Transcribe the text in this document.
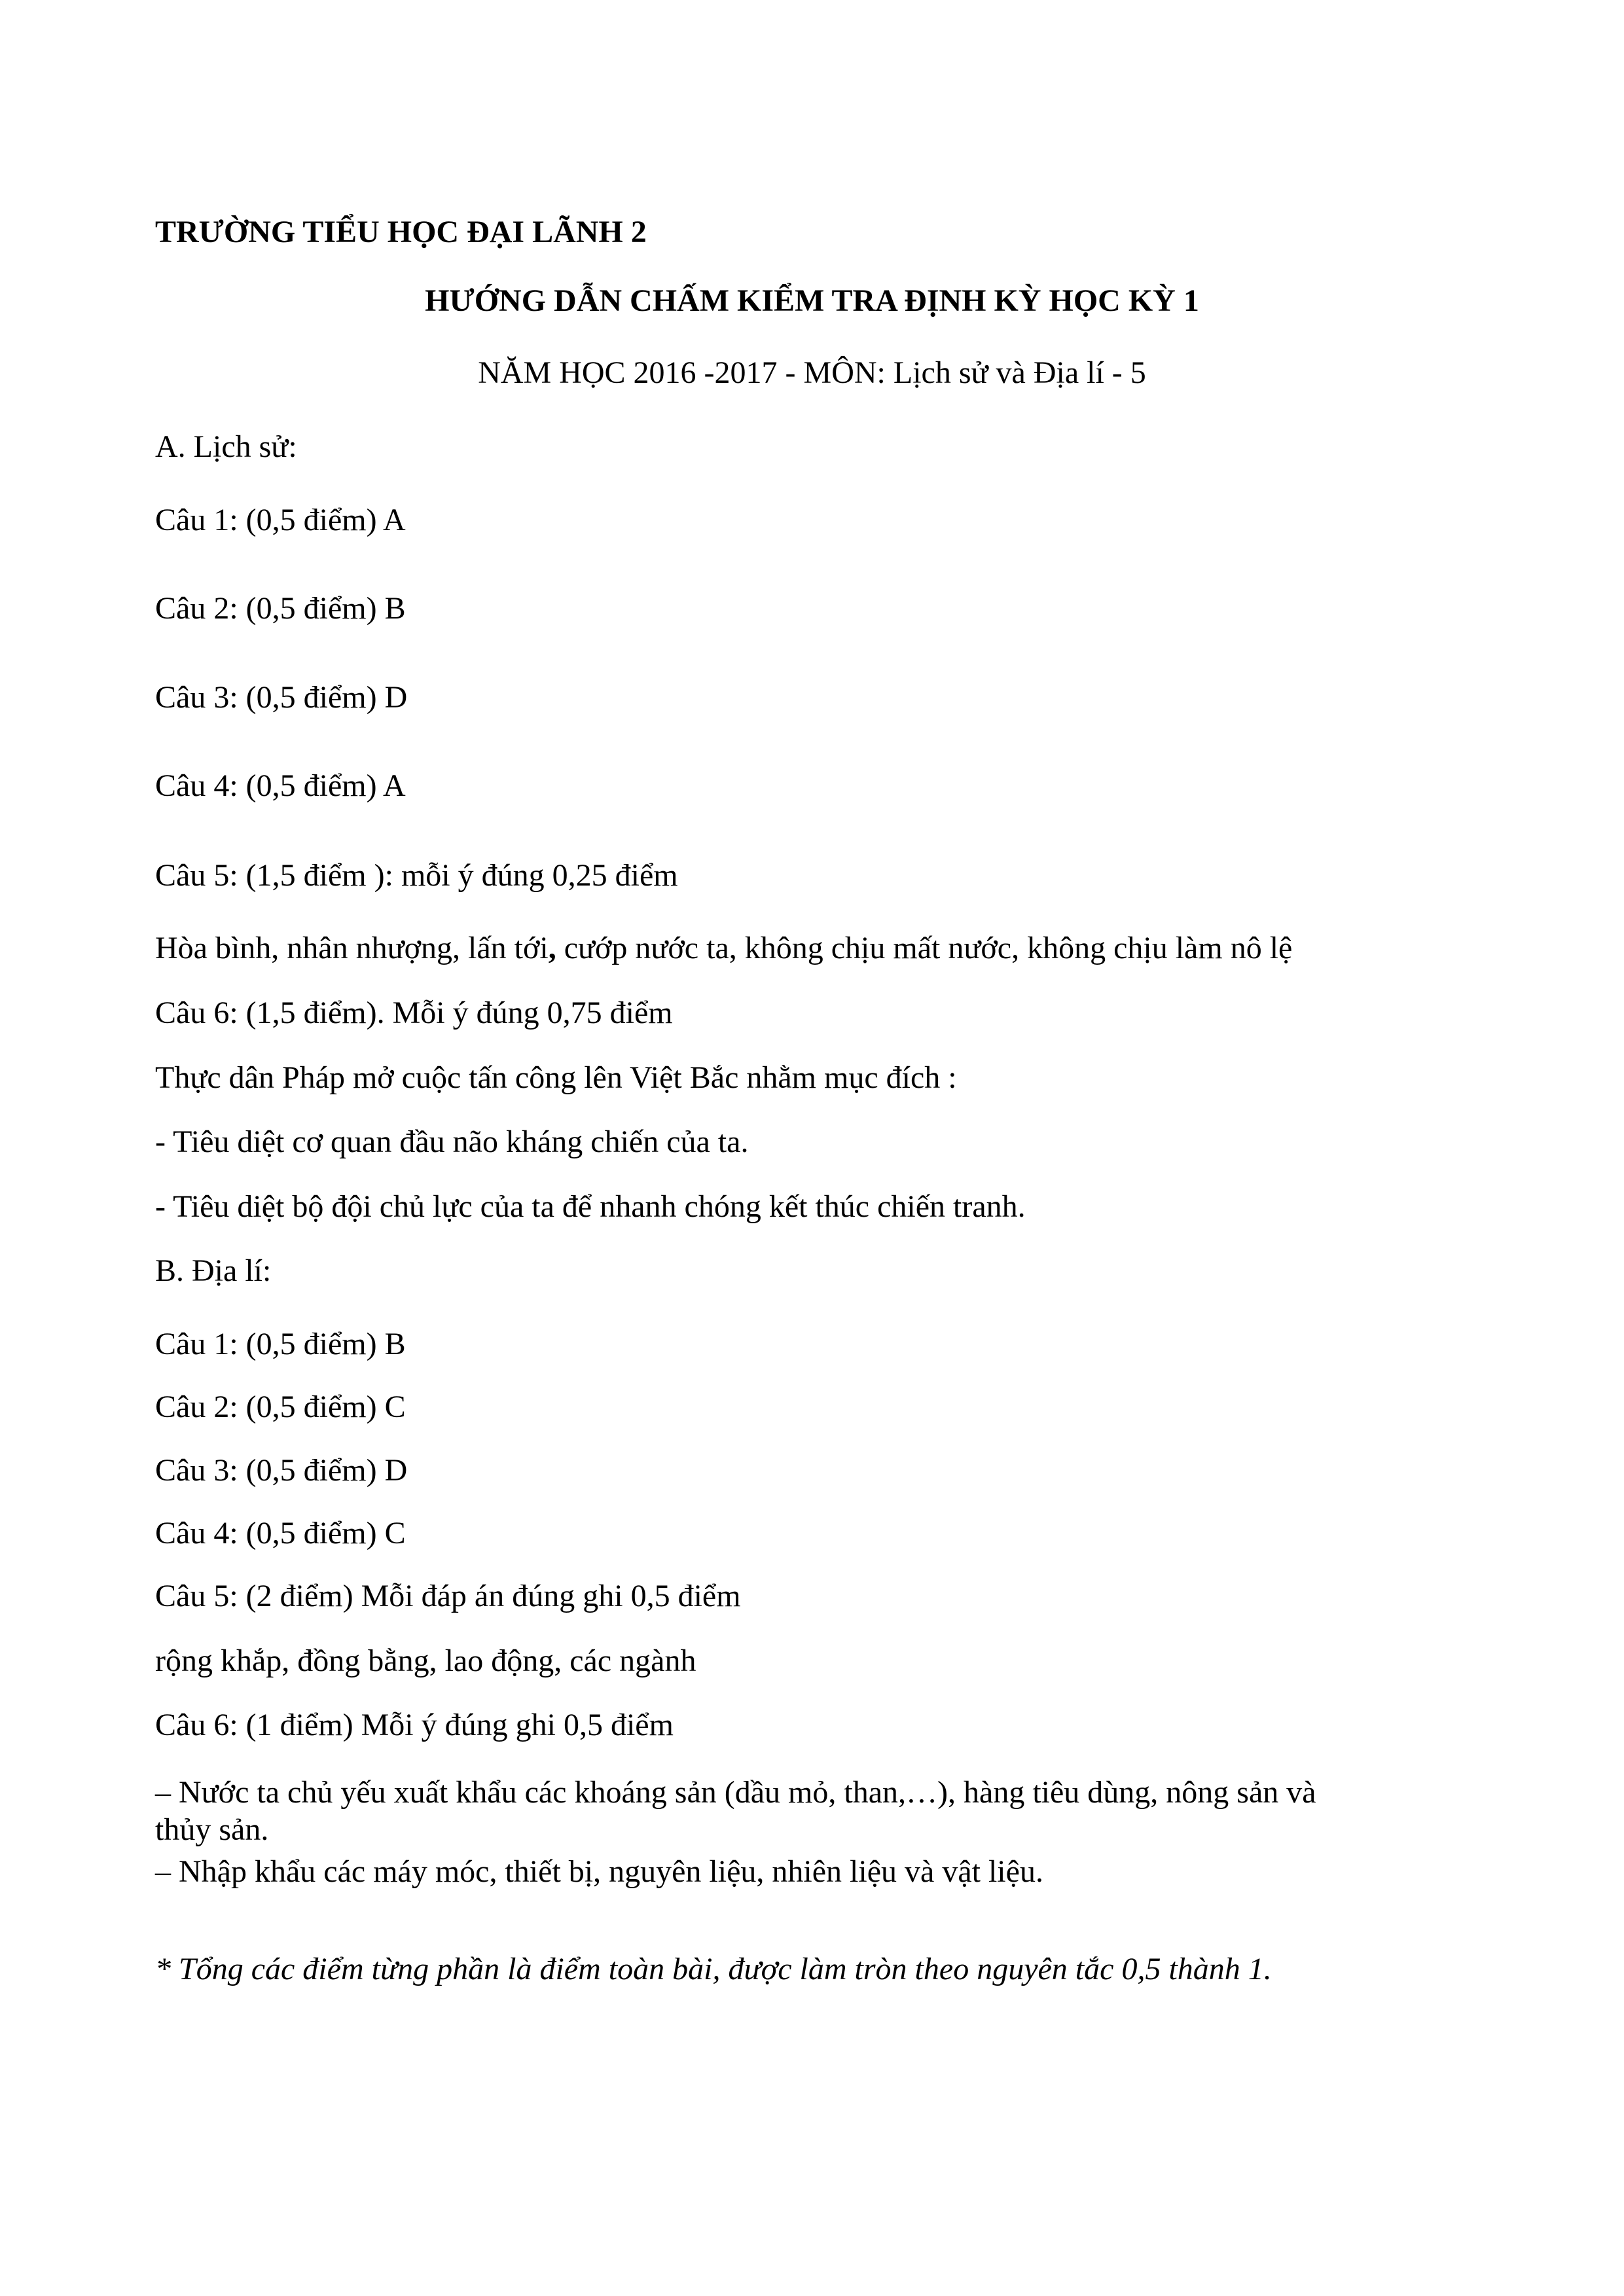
TRƯỜNG TIỂU HỌC ĐẠI LÃNH 2
HƯỚNG DẪN CHẤM KIỂM TRA ĐỊNH KỲ HỌC KỲ 1
NĂM HỌC 2016 -2017 - MÔN: Lịch sử và Địa lí - 5
A. Lịch sử:
Câu 1: (0,5 điểm) A
Câu 2: (0,5 điểm) B
Câu 3: (0,5 điểm) D
Câu 4: (0,5 điểm) A
Câu 5: (1,5 điểm ): mỗi ý đúng 0,25 điểm
Hòa bình, nhân nhượng, lấn tới, cướp nước ta, không chịu mất nước, không chịu làm nô lệ
Câu 6: (1,5 điểm). Mỗi ý đúng 0,75 điểm
Thực dân Pháp mở cuộc tấn công lên Việt Bắc nhằm mục đích :
- Tiêu diệt cơ quan đầu não kháng chiến của ta.
- Tiêu diệt bộ đội chủ lực của ta để nhanh chóng kết thúc chiến tranh.
B. Địa lí:
Câu 1: (0,5 điểm) B
Câu 2: (0,5 điểm) C
Câu 3: (0,5 điểm) D
Câu 4: (0,5 điểm) C
Câu 5: (2 điểm) Mỗi đáp án đúng ghi 0,5 điểm
rộng khắp, đồng bằng, lao động, các ngành
Câu 6: (1 điểm) Mỗi ý đúng ghi 0,5 điểm
– Nước ta chủ yếu xuất khẩu các khoáng sản (dầu mỏ, than,…), hàng tiêu dùng, nông sản và
thủy sản.
– Nhập khẩu các máy móc, thiết bị, nguyên liệu, nhiên liệu và vật liệu.
* Tổng các điểm từng phần là điểm toàn bài, được làm tròn theo nguyên tắc 0,5 thành 1.
